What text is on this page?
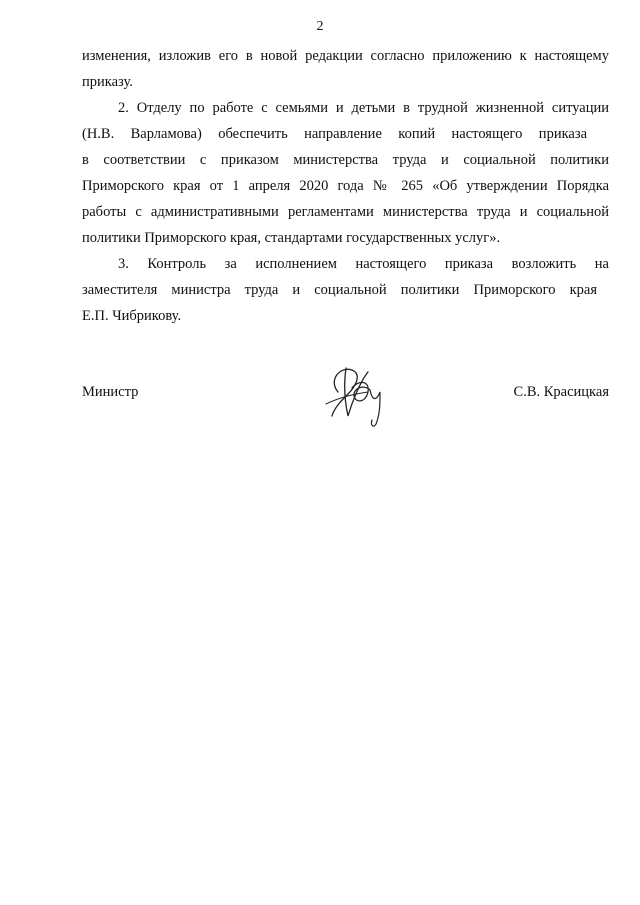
2
изменения, изложив его в новой редакции согласно приложению к настоящему
приказу.
2. Отделу по работе с семьями и детьми в трудной жизненной ситуации
(Н.В. Варламова) обеспечить направление копий настоящего приказа
в соответствии с приказом министерства труда и социальной политики
Приморского края от 1 апреля 2020 года № 265 «Об утверждении Порядка
работы с административными регламентами министерства труда и социальной
политики Приморского края, стандартами государственных услуг».
3. Контроль за исполнением настоящего приказа возложить на
заместителя министра труда и социальной политики Приморского края
Е.П. Чибрикову.
Министр	С.В. Красицкая
